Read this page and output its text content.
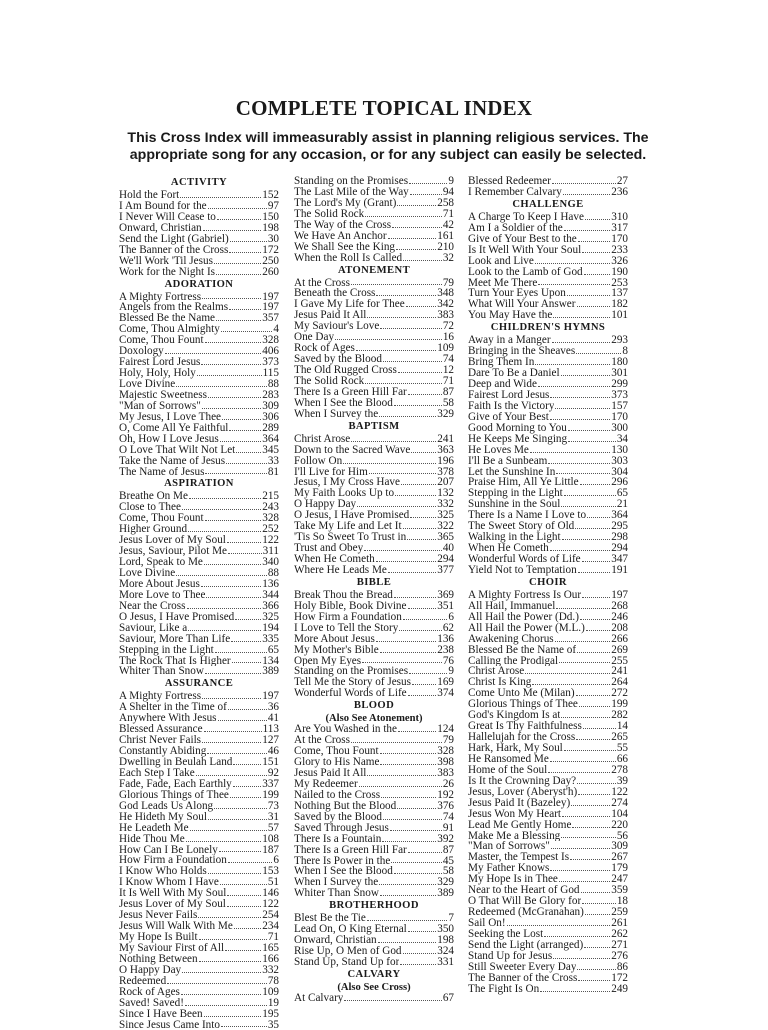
COMPLETE TOPICAL INDEX
This Cross Index will immeasurably assist in planning religious services. The appropriate song for any occasion, or for any subject can easily be selected.
ACTIVITY
Hold the Fort	152
I Am Bound for the	97
I Never Will Cease to	150
Onward, Christian	198
Send the Light (Gabriel)	30
The Banner of the Cross	172
We'll Work 'Til Jesus	250
Work for the Night Is	260
ADORATION
A Mighty Fortress	197
Angels from the Realms	197
Blessed Be the Name	357
Come, Thou Almighty	4
Come, Thou Fount	328
Doxology	406
Fairest Lord Jesus	373
Holy, Holy, Holy	115
Love Divine	88
Majestic Sweetness	283
"Man of Sorrows"	309
My Jesus, I Love Thee	306
O, Come All Ye Faithful	289
Oh, How I Love Jesus	364
O Love That Wilt Not Let 345
Take the Name of Jesus	33
The Name of Jesus	81
ASPIRATION
Breathe On Me	215
Close to Thee	243
Come, Thou Fount	328
Higher Ground	252
Jesus Lover of My Soul	122
Jesus, Saviour, Pilot Me	311
Lord, Speak to Me	340
Love Divine	88
More About Jesus	136
More Love to Thee	344
Near the Cross	366
O Jesus, I Have Promised 325
Saviour, Like a	194
Saviour, More Than Life	335
Stepping in the Light	65
The Rock That Is Higher	134
Whiter Than Snow	389
ASSURANCE
A Mighty Fortress	197
A Shelter in the Time of	36
Anywhere With Jesus	41
Blessed Assurance	113
Christ Never Fails	127
Constantly Abiding	46
Dwelling in Beulah Land	151
Each Step I Take	92
Fade, Fade, Each Earthly	337
Glorious Things of Thee	199
God Leads Us Along	73
He Hideth My Soul	31
He Leadeth Me	57
Hide Thou Me	108
How Can I Be Lonely	187
How Firm a Foundation	6
I Know Who Holds	153
I Know Whom I Have	51
It Is Well With My Soul	146
Jesus Lover of My Soul	122
Jesus Never Fails	254
Jesus Will Walk With Me	234
My Hope Is Built	71
My Saviour First of All	165
Nothing Between	166
O Happy Day	332
Redeemed	78
Rock of Ages	109
Saved! Saved!	19
Since I Have Been	195
Since Jesus Came Into	35
Standing on the Promises	9
The Last Mile of the Way	94
The Lord's My (Grant)	258
The Solid Rock	71
The Way of the Cross	42
We Have An Anchor	161
We Shall See the King	210
When the Roll Is Called	32
ATONEMENT
At the Cross	79
Beneath the Cross	348
I Gave My Life for Thee	342
Jesus Paid It All	383
My Saviour's Love	72
One Day	16
Rock of Ages	109
Saved by the Blood	74
The Old Rugged Cross	12
The Solid Rock	71
There Is a Green Hill Far	87
When I See the Blood	58
When I Survey the	329
BAPTISM
Christ Arose	241
Down to the Sacred Wave 363
Follow On	196
I'll Live for Him	378
Jesus, I My Cross Have	207
My Faith Looks Up to	132
O Happy Day	332
O Jesus, I Have Promised 325
Take My Life and Let It	322
'Tis So Sweet To Trust in	365
Trust and Obey	40
When He Cometh	294
Where He Leads Me	377
BIBLE
Break Thou the Bread	369
Holy Bible, Book Divine	351
How Firm a Foundation	6
I Love to Tell the Story	62
More About Jesus	136
My Mother's Bible	238
Open My Eyes	76
Standing on the Promises	9
Tell Me the Story of Jesus 169
Wonderful Words of Life	374
BLOOD
(Also See Atonement)
Are You Washed in the	124
At the Cross	79
Come, Thou Fount	328
Glory to His Name	398
Jesus Paid It All	383
My Redeemer	26
Nailed to the Cross	192
Nothing But the Blood	376
Saved by the Blood	74
Saved Through Jesus	91
There Is a Fountain	392
There Is a Green Hill Far	87
There Is Power in the	45
When I See the Blood	58
When I Survey the	329
Whiter Than Snow	389
BROTHERHOOD
Blest Be the Tie	7
Lead On, O King Eternal	350
Onward, Christian	198
Rise Up, O Men of God	324
Stand Up, Stand Up for	331
CALVARY
(Also See Cross)
At Calvary	67
Blessed Redeemer	27
I Remember Calvary	236
CHALLENGE
A Charge To Keep I Have 310
Am I a Soldier of the	317
Give of Your Best to the	170
Is It Well With Your Soul	233
Look and Live	326
Look to the Lamb of God	190
Meet Me There	253
Turn Your Eyes Upon	137
What Will Your Answer	182
You May Have the	101
CHILDREN'S HYMNS
Away in a Manger	293
Bringing in the Sheaves	8
Bring Them In	180
Dare To Be a Daniel	301
Deep and Wide	299
Fairest Lord Jesus	373
Faith Is the Victory	157
Give of Your Best	170
Good Morning to You	300
He Keeps Me Singing	34
He Loves Me	130
I'll Be a Sunbeam	303
Let the Sunshine In	304
Praise Him, All Ye Little	296
Stepping in the Light	65
Sunshine in the Soul	21
There Is a Name I Love to 364
The Sweet Story of Old	295
Walking in the Light	298
When He Cometh	294
Wonderful Words of Life	347
Yield Not to Temptation	191
CHOIR
A Mighty Fortress Is Our	197
All Hail, Immanuel	268
All Hail the Power (Dd.)	246
All Hail the Power (M.L.) 208
Awakening Chorus	266
Blessed Be the Name of	269
Calling the Prodigal	255
Christ Arose	241
Christ Is King	264
Come Unto Me (Milan)	272
Glorious Things of Thee	199
God's Kingdom Is at	282
Great Is Thy Faithfulness	14
Hallelujah for the Cross	265
Hark, Hark, My Soul	55
He Ransomed Me	66
Home of the Soul	278
Is It the Crowning Day?	39
Jesus, Lover (Aberyst'h)	122
Jesus Paid It (Bazeley)	274
Jesus Won My Heart	104
Lead Me Gently Home	220
Make Me a Blessing	56
"Man of Sorrows"	309
Master, the Tempest Is	267
My Father Knows	179
My Hope Is in Thee	247
Near to the Heart of God	359
O That Will Be Glory for	18
Redeemed (McGranahan) 259
Sail On!	261
Seeking the Lost	262
Send the Light (arranged) 271
Stand Up for Jesus	276
Still Sweeter Every Day	86
The Banner of the Cross	172
The Fight Is On	249
